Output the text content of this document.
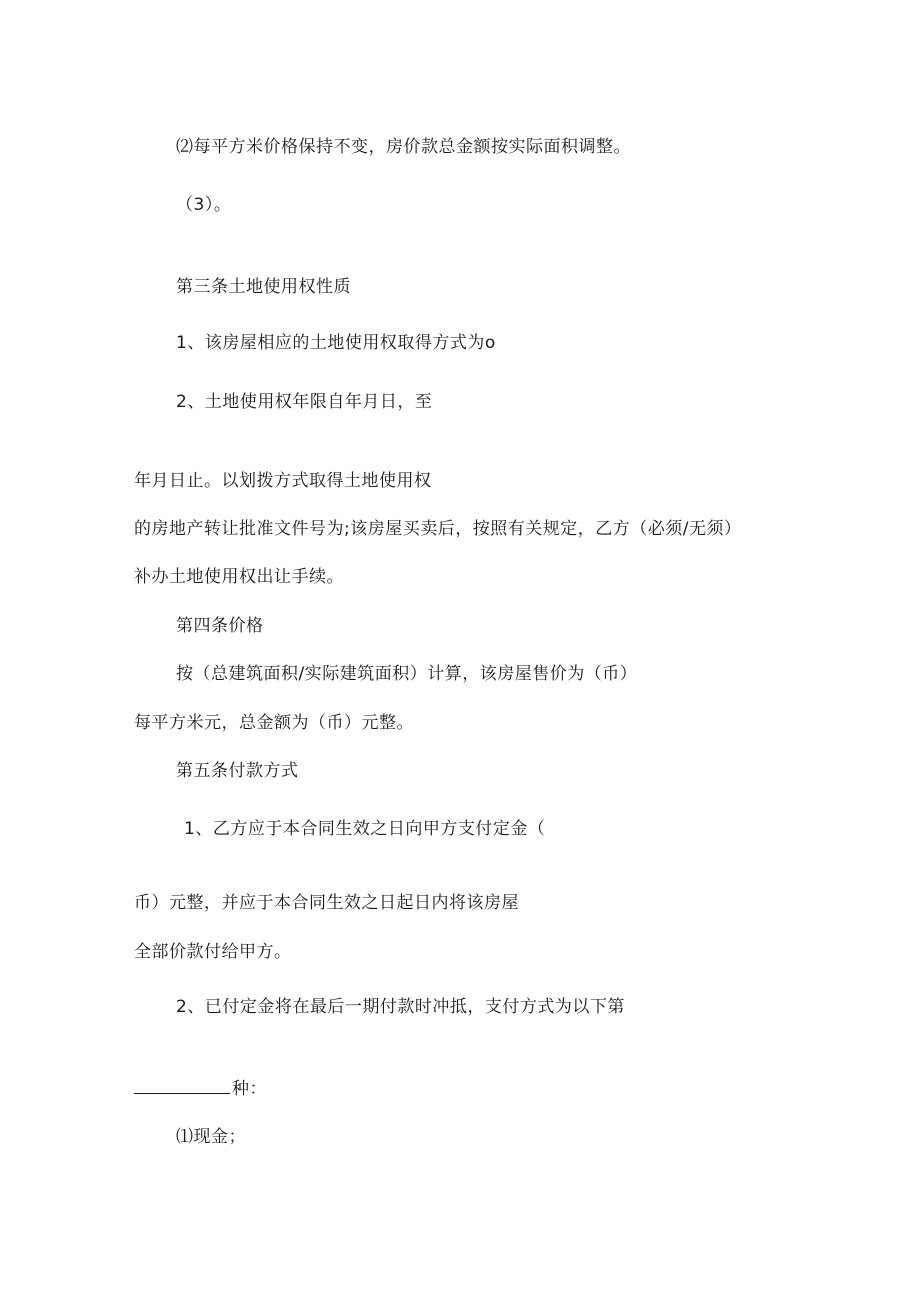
⑵每平方米价格保持不变，房价款总金额按实际面积调整。
（3）。
第三条土地使用权性质
1、该房屋相应的土地使用权取得方式为o
2、土地使用权年限自年月日，至
年月日止。以划拨方式取得土地使用权
的房地产转让批准文件号为;该房屋买卖后，按照有关规定，乙方（必须/无须）
补办土地使用权出让手续。
第四条价格
按（总建筑面积/实际建筑面积）计算，该房屋售价为（币）
每平方米元，总金额为（币）元整。
第五条付款方式
1、乙方应于本合同生效之日向甲方支付定金（
币）元整，并应于本合同生效之日起日内将该房屋
全部价款付给甲方。
2、已付定金将在最后一期付款时冲抵，支付方式为以下第
种：
⑴现金；
